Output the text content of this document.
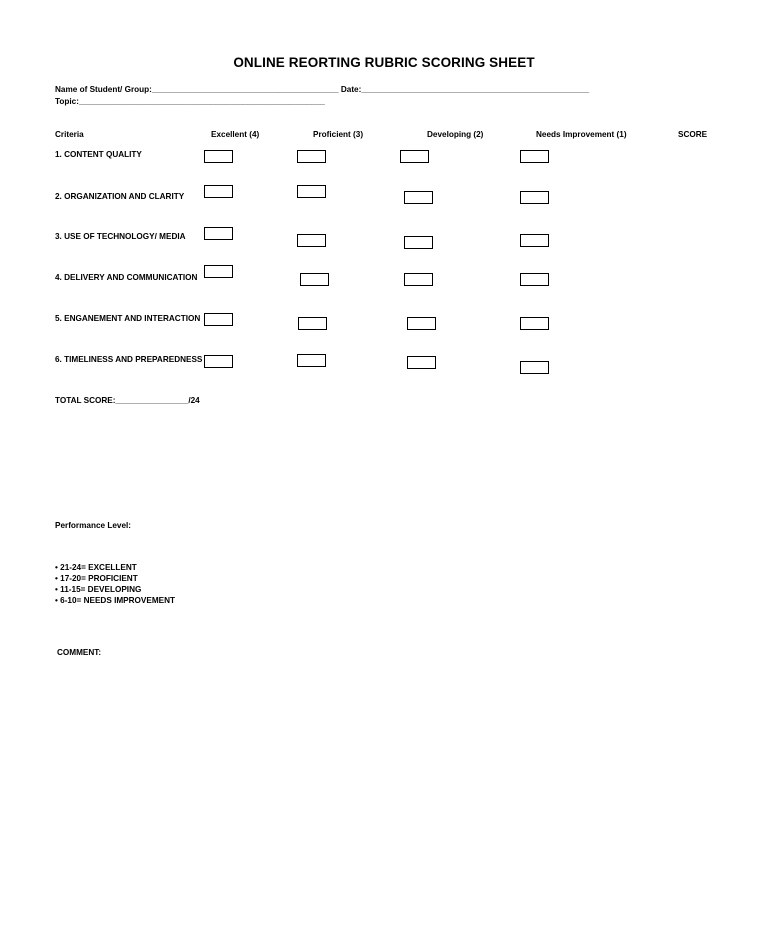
ONLINE REORTING RUBRIC SCORING SHEET
Name of Student/ Group:_________________________________________ Date:__________________________________________________
Topic:______________________________________________________
Criteria	Excellent (4)	Proficient (3)	Developing (2)	Needs Improvement (1)	SCORE
1. CONTENT QUALITY
2. ORGANIZATION AND CLARITY
3. USE OF TECHNOLOGY/ MEDIA
4. DELIVERY AND COMMUNICATION
5. ENGANEMENT AND INTERACTION
6. TIMELINESS AND PREPAREDNESS
TOTAL SCORE:________________/24
Performance Level:
• 21-24= EXCELLENT
• 17-20= PROFICIENT
• 11-15= DEVELOPING
• 6-10= NEEDS IMPROVEMENT
COMMENT:
